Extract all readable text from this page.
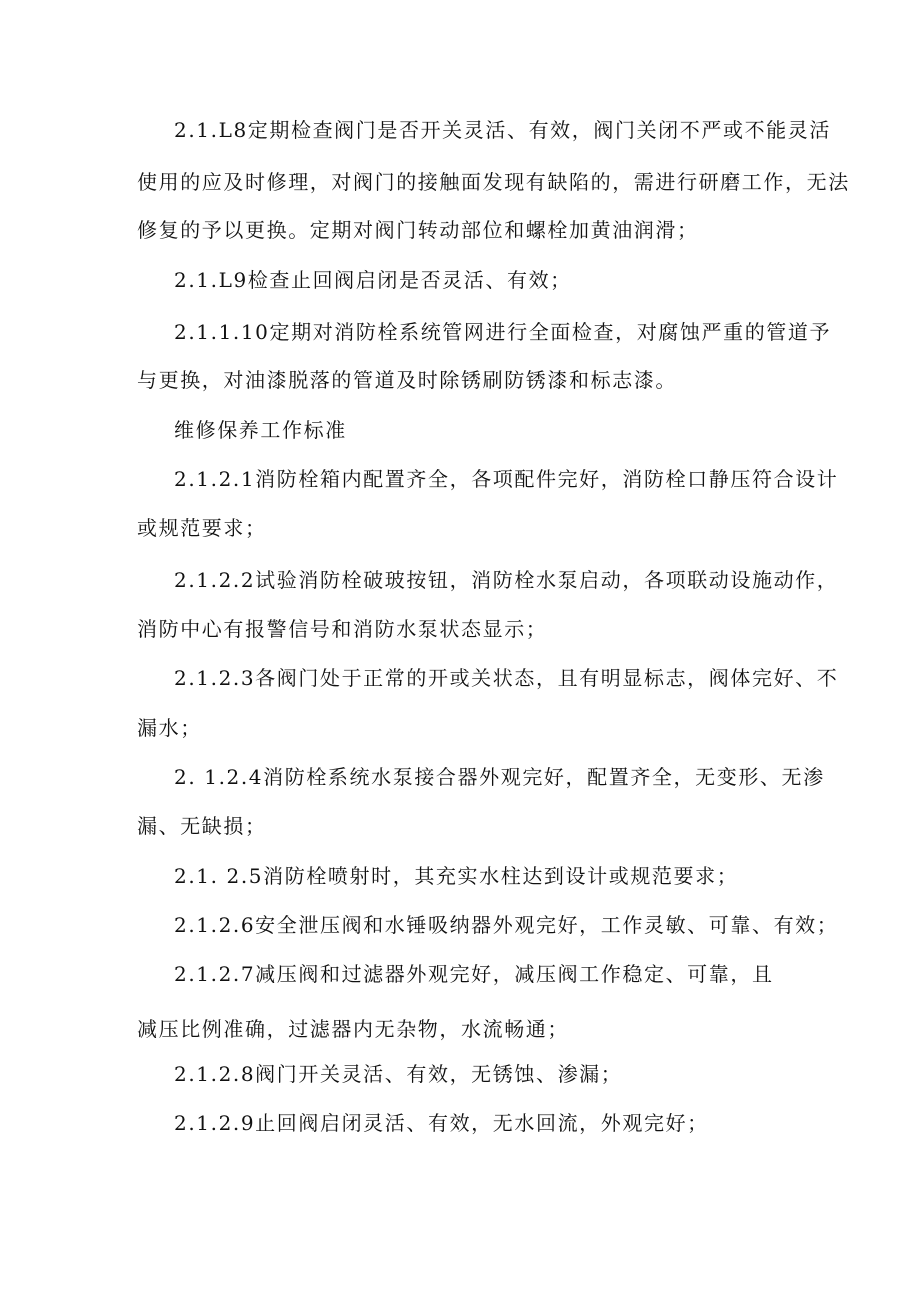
2.1.L8定期检查阀门是否开关灵活、有效，阀门关闭不严或不能灵活
使用的应及时修理，对阀门的接触面发现有缺陷的，需进行研磨工作，无法
修复的予以更换。定期对阀门转动部位和螺栓加黄油润滑；
2.1.L9检查止回阀启闭是否灵活、有效；
2.1.1.10定期对消防栓系统管网进行全面检查，对腐蚀严重的管道予
与更换，对油漆脱落的管道及时除锈刷防锈漆和标志漆。
维修保养工作标准
2.1.2.1消防栓箱内配置齐全，各项配件完好，消防栓口静压符合设计
或规范要求；
2.1.2.2试验消防栓破玻按钮，消防栓水泵启动，各项联动设施动作，
消防中心有报警信号和消防水泵状态显示；
2.1.2.3各阀门处于正常的开或关状态，且有明显标志，阀体完好、不
漏水；
2. 1.2.4消防栓系统水泵接合器外观完好，配置齐全，无变形、无渗
漏、无缺损；
2.1. 2.5消防栓喷射时，其充实水柱达到设计或规范要求；
2.1.2.6安全泄压阀和水锤吸纳器外观完好，工作灵敏、可靠、有效；
2.1.2.7减压阀和过滤器外观完好，减压阀工作稳定、可靠，且
减压比例准确，过滤器内无杂物，水流畅通；
2.1.2.8阀门开关灵活、有效，无锈蚀、渗漏；
2.1.2.9止回阀启闭灵活、有效，无水回流，外观完好；
